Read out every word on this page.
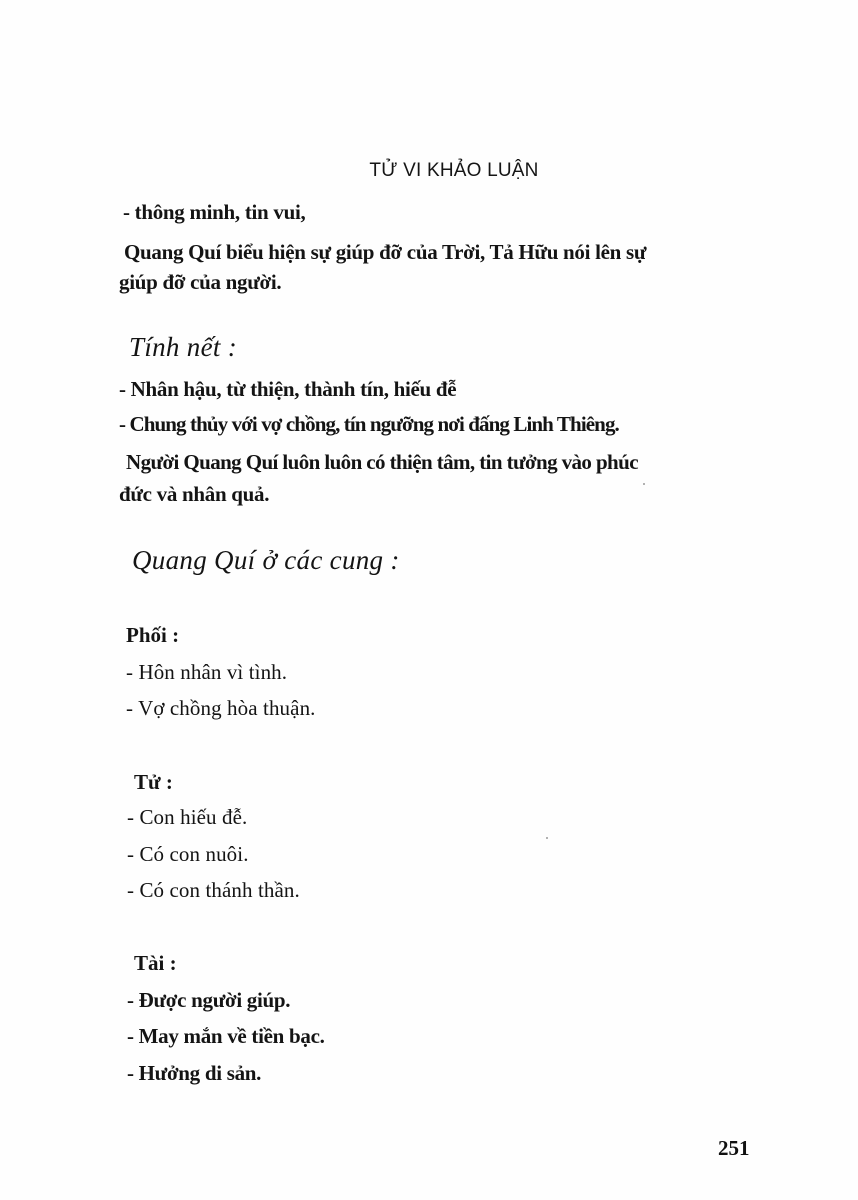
TỬ VI KHẢO LUẬN
- thông minh, tin vui,
Quang Quí biểu hiện sự giúp đỡ của Trời, Tả Hữu nói lên sự
giúp đỡ của người.
Tính nết :
- Nhân hậu, từ thiện, thành tín, hiếu đễ
- Chung thủy với vợ chồng, tín ngưỡng nơi đấng Linh Thiêng.
Người Quang Quí luôn luôn có thiện tâm, tin tưởng vào phúc
đức và nhân quả.
Quang Quí ở các cung :
Phối :
- Hôn nhân vì tình.
- Vợ chồng hòa thuận.
Tử :
- Con hiếu đễ.
- Có con nuôi.
- Có con thánh thần.
Tài :
- Được người giúp.
- May mắn về tiền bạc.
- Hưởng di sản.
251
